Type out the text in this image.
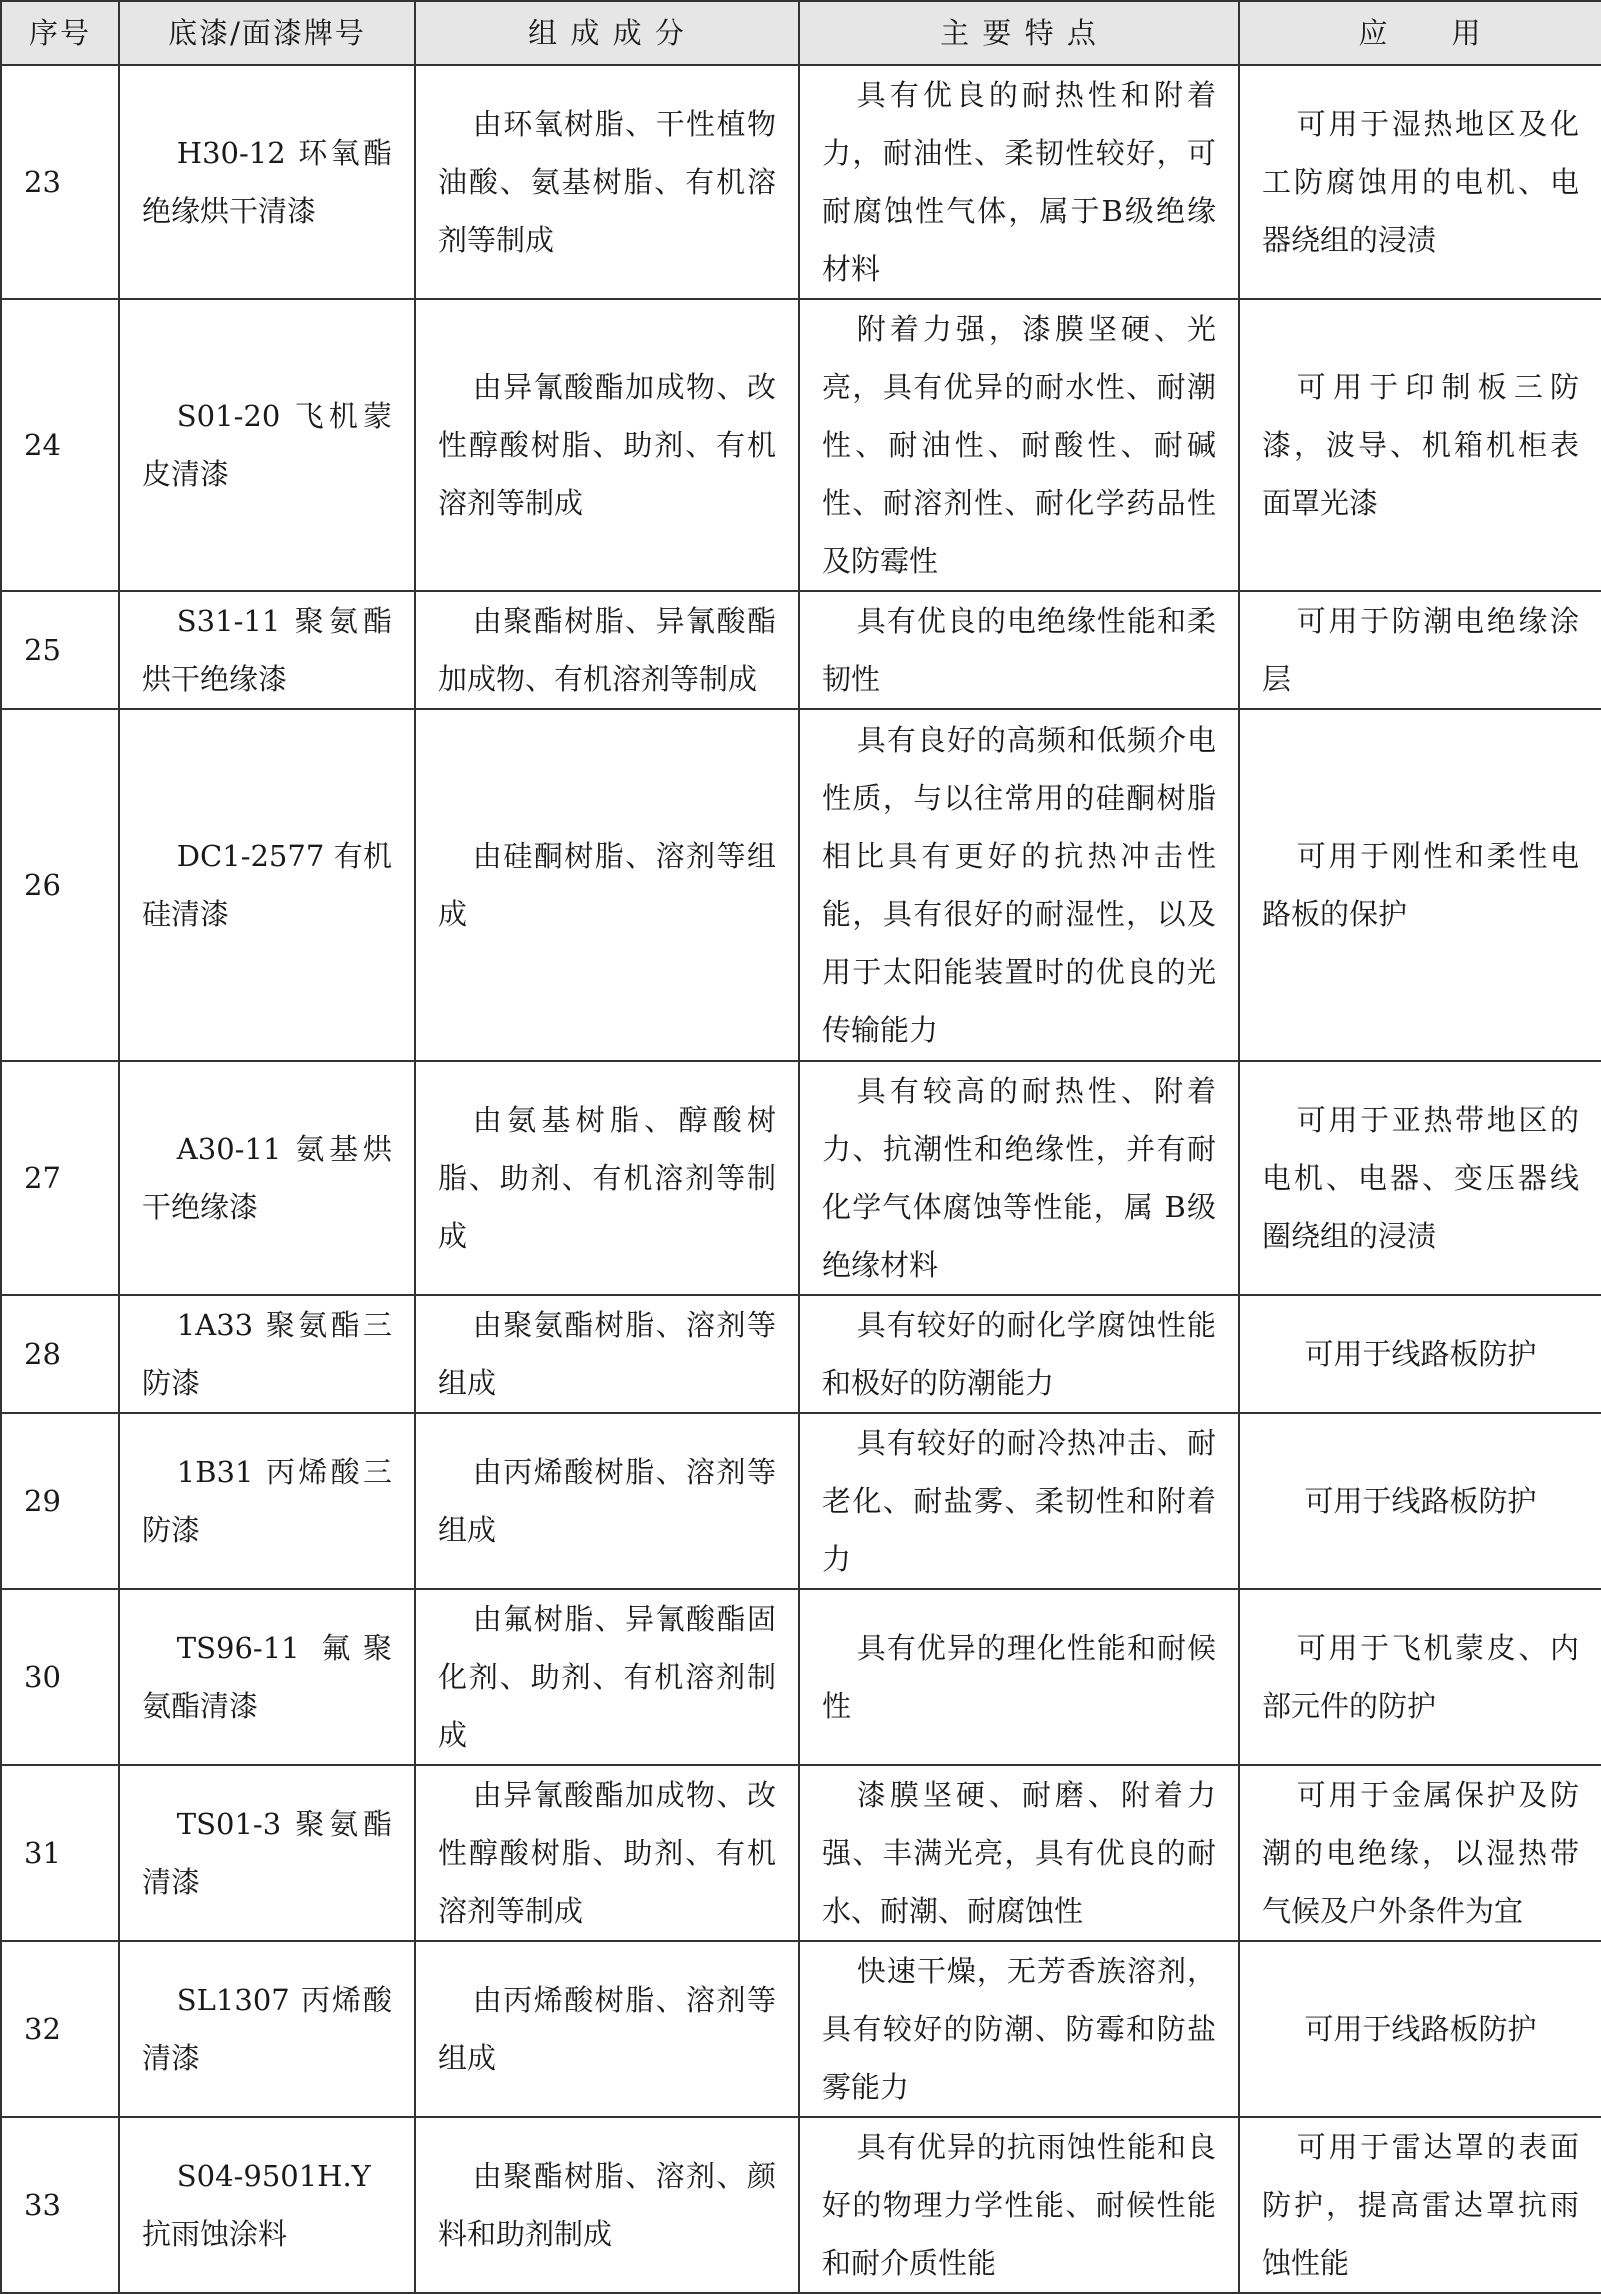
序号	底漆/面漆牌号	组 成 成 分	主 要 特 点	应　　用
23	H30-12 环氧酯绝缘烘干清漆	由环氧树脂、干性植物油酸、氨基树脂、有机溶剂等制成	具有优良的耐热性和附着力，耐油性、柔韧性较好，可耐腐蚀性气体，属于B级绝缘材料	可用于湿热地区及化工防腐蚀用的电机、电器绕组的浸渍
24	S01-20 飞机蒙皮清漆	由异氰酸酯加成物、改性醇酸树脂、助剂、有机溶剂等制成	附着力强，漆膜坚硬、光亮，具有优异的耐水性、耐潮性、耐油性、耐酸性、耐碱性、耐溶剂性、耐化学药品性及防霉性	可用于印制板三防漆，波导、机箱机柜表面罩光漆
25	S31-11 聚氨酯烘干绝缘漆	由聚酯树脂、异氰酸酯加成物、有机溶剂等制成	具有优良的电绝缘性能和柔韧性	可用于防潮电绝缘涂层
26	DC1-2577 有机硅清漆	由硅酮树脂、溶剂等组成	具有良好的高频和低频介电性质，与以往常用的硅酮树脂相比具有更好的抗热冲击性能，具有很好的耐湿性，以及用于太阳能装置时的优良的光传输能力	可用于刚性和柔性电路板的保护
27	A30-11 氨基烘干绝缘漆	由氨基树脂、醇酸树脂、助剂、有机溶剂等制成	具有较高的耐热性、附着力、抗潮性和绝缘性，并有耐化学气体腐蚀等性能，属 B级绝缘材料	可用于亚热带地区的电机、电器、变压器线圈绕组的浸渍
28	1A33 聚氨酯三防漆	由聚氨酯树脂、溶剂等组成	具有较好的耐化学腐蚀性能和极好的防潮能力	可用于线路板防护
29	1B31 丙烯酸三防漆	由丙烯酸树脂、溶剂等组成	具有较好的耐冷热冲击、耐老化、耐盐雾、柔韧性和附着力	可用于线路板防护
30	TS96-11 氟聚氨酯清漆	由氟树脂、异氰酸酯固化剂、助剂、有机溶剂制成	具有优异的理化性能和耐候性	可用于飞机蒙皮、内部元件的防护
31	TS01-3 聚氨酯清漆	由异氰酸酯加成物、改性醇酸树脂、助剂、有机溶剂等制成	漆膜坚硬、耐磨、附着力强、丰满光亮，具有优良的耐水、耐潮、耐腐蚀性	可用于金属保护及防潮的电绝缘，以湿热带气候及户外条件为宜
32	SL1307 丙烯酸清漆	由丙烯酸树脂、溶剂等组成	快速干燥，无芳香族溶剂，具有较好的防潮、防霉和防盐雾能力	可用于线路板防护
33	S04-9501H.Y 抗雨蚀涂料	由聚酯树脂、溶剂、颜料和助剂制成	具有优异的抗雨蚀性能和良好的物理力学性能、耐候性能和耐介质性能	可用于雷达罩的表面防护，提高雷达罩抗雨蚀性能
